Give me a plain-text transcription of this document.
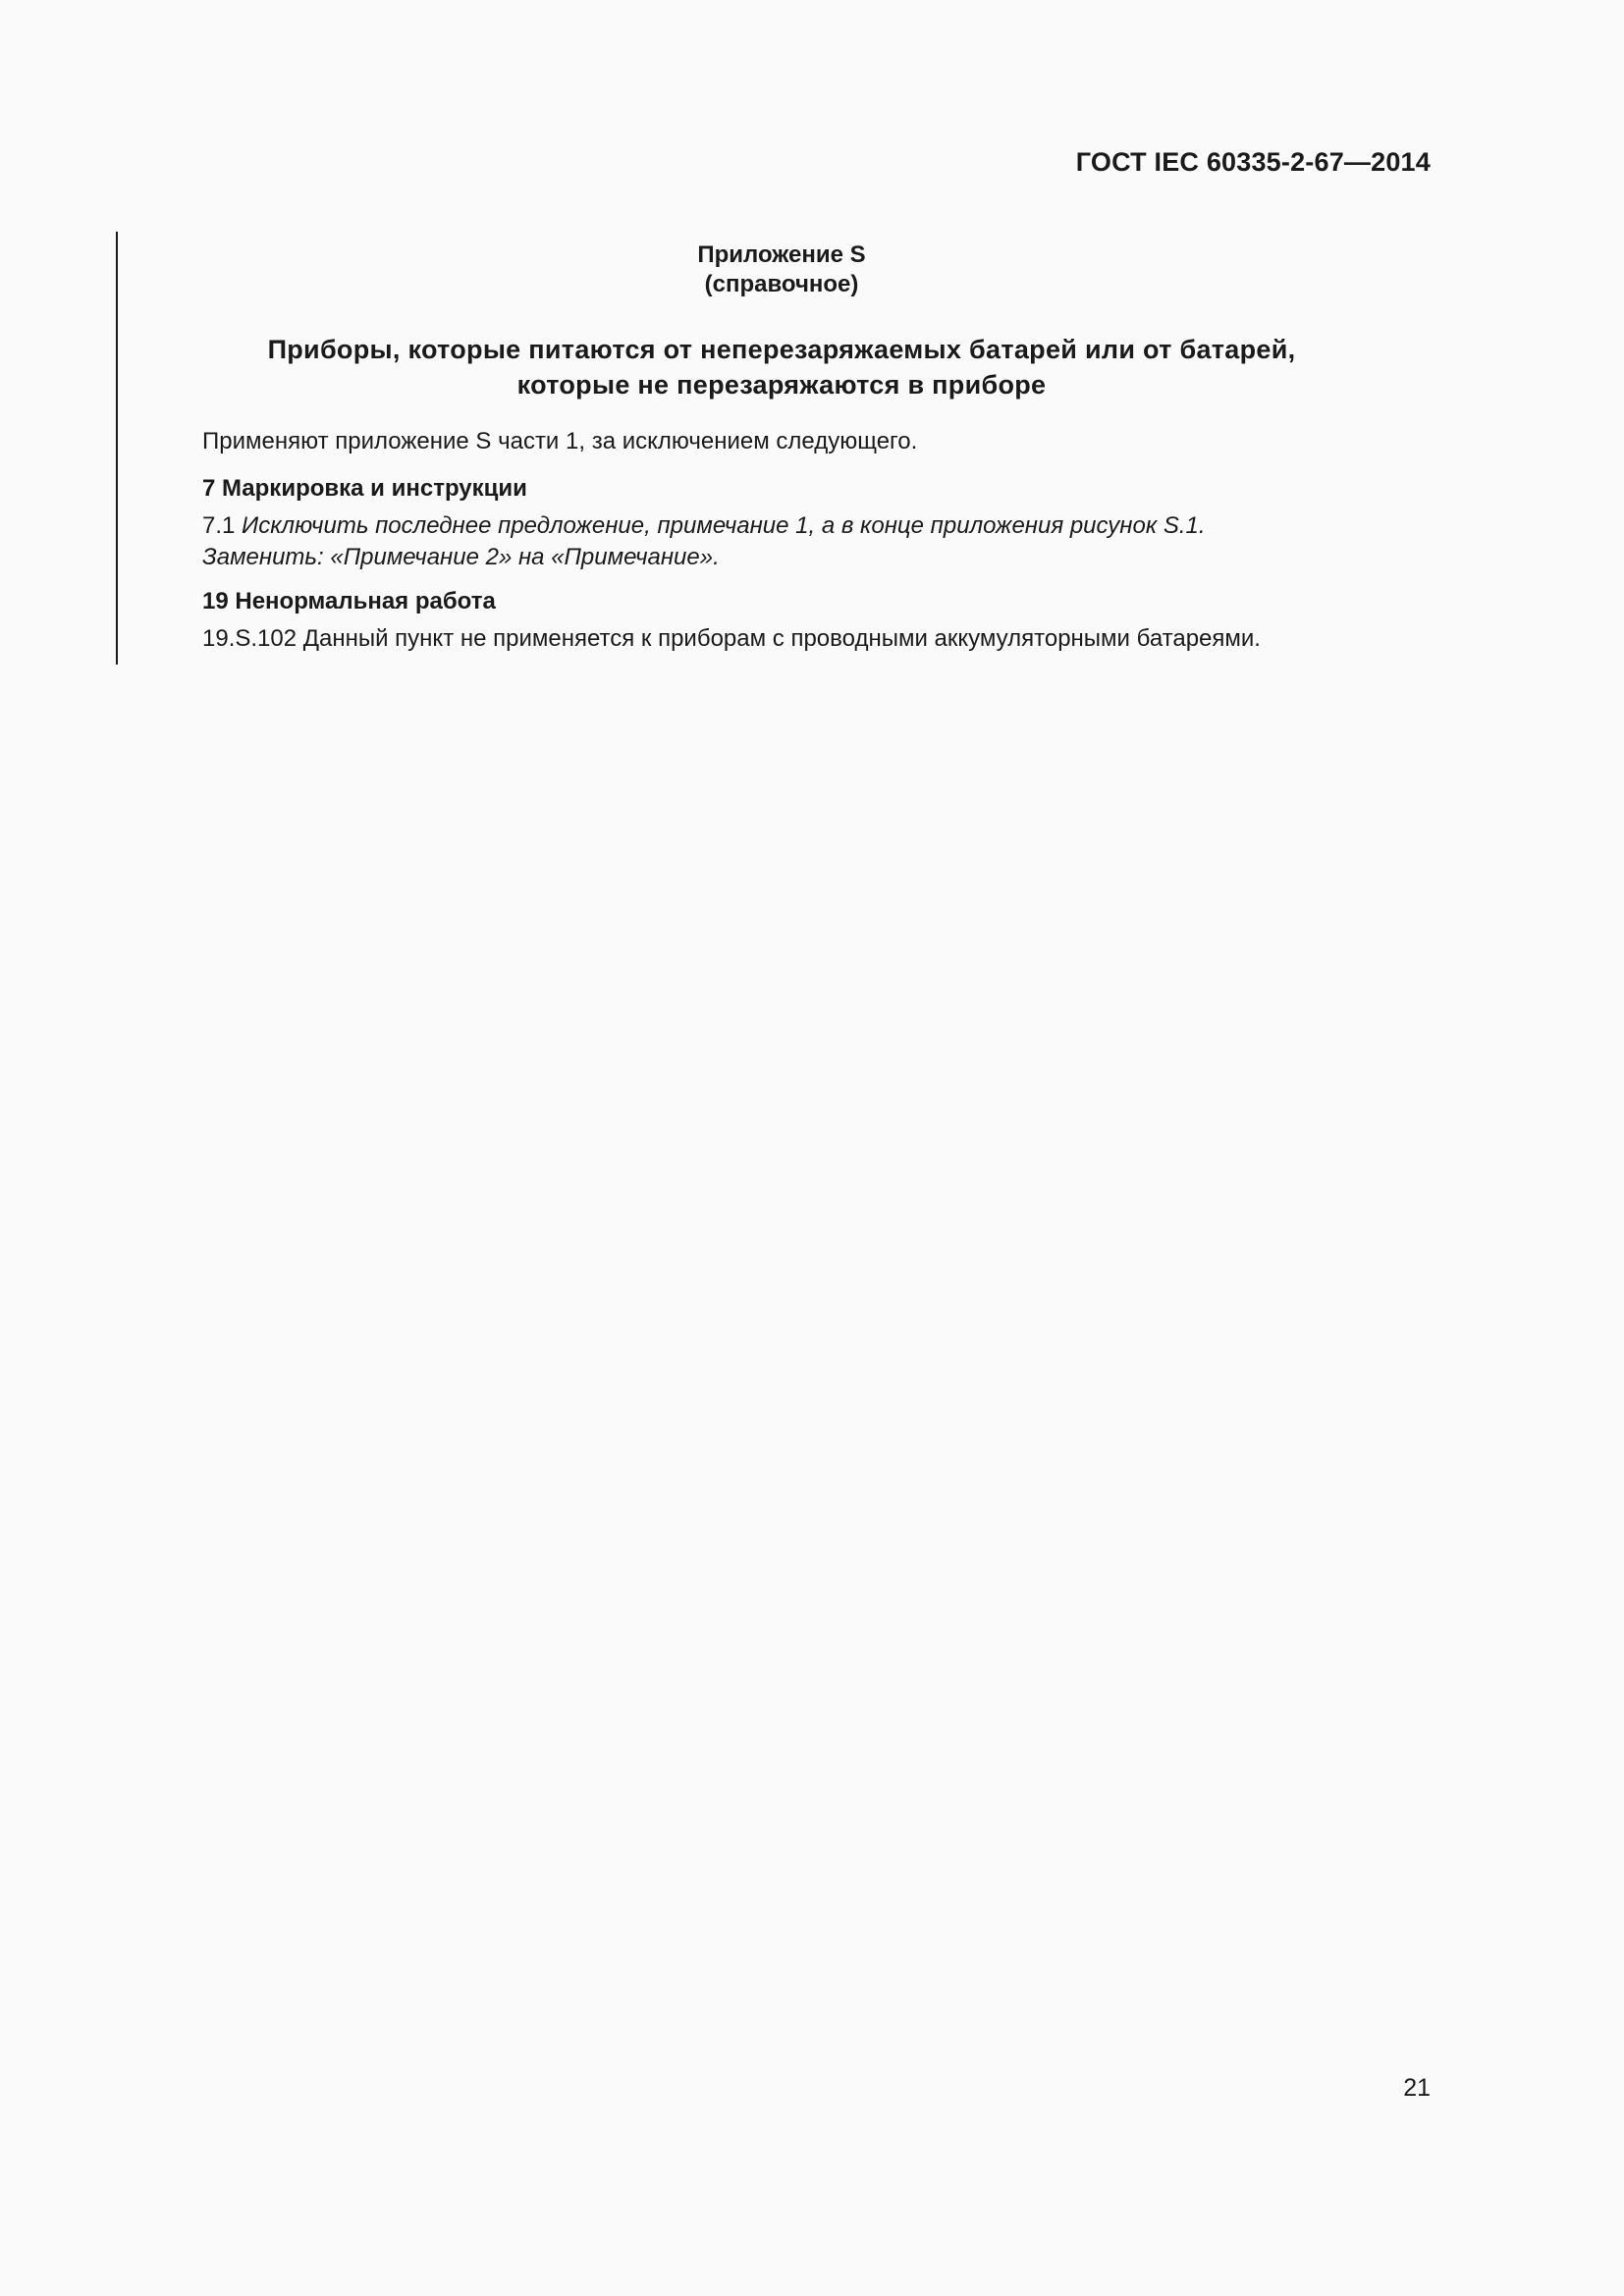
ГОСТ IEC 60335-2-67—2014
Приложение S
(справочное)
Приборы, которые питаются от неперезаряжаемых батарей или от батарей,
которые не перезаряжаются в приборе
Применяют приложение S части 1, за исключением следующего.
7 Маркировка и инструкции
7.1 Исключить последнее предложение, примечание 1, а в конце приложения рисунок S.1.
Заменить: «Примечание 2» на «Примечание».
19 Ненормальная работа
19.S.102 Данный пункт не применяется к приборам с проводными аккумуляторными батареями.
21
